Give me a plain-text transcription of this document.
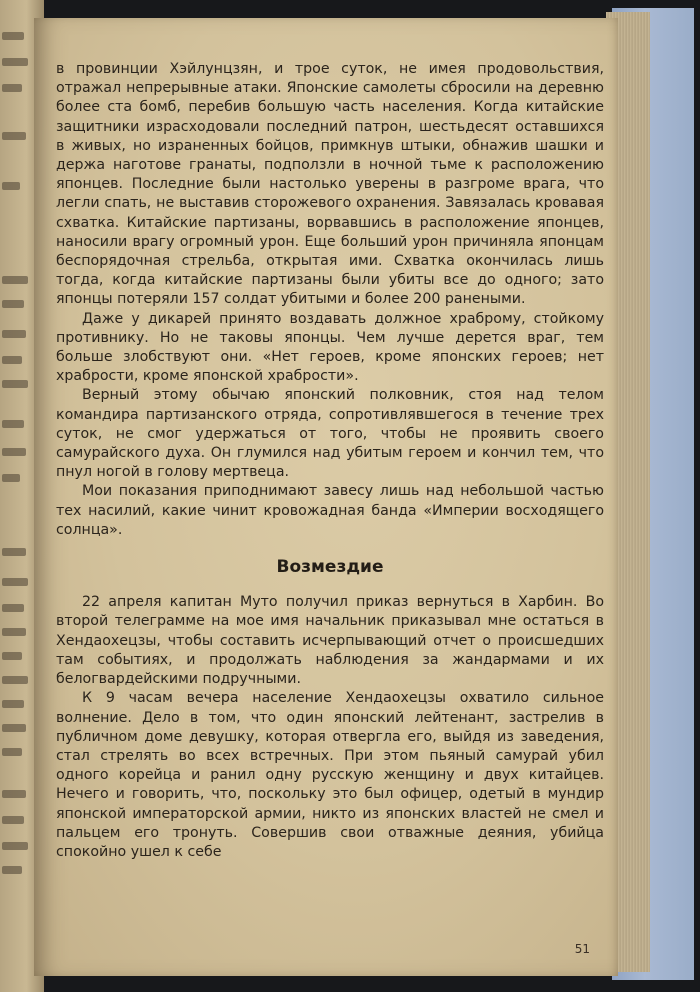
в провинции Хэйлунцзян, и трое суток, не имея продовольствия, отражал непрерывные атаки. Японские самолеты сбросили на деревню более ста бомб, перебив большую часть населения. Когда китайские защитники израсходовали последний патрон, шестьдесят оставшихся в живых, но израненных бойцов, примкнув штыки, обнажив шашки и держа наготове гранаты, подползли в ночной тьме к расположению японцев. Последние были настолько уверены в разгроме врага, что легли спать, не выставив сторожевого охранения. Завязалась кровавая схватка. Китайские партизаны, ворвавшись в расположение японцев, наносили врагу огромный урон. Еще больший урон причиняла японцам беспорядочная стрельба, открытая ими. Схватка окончилась лишь тогда, когда китайские партизаны были убиты все до одного; зато японцы потеряли 157 солдат убитыми и более 200 ранеными.

Даже у дикарей принято воздавать должное храброму, стойкому противнику. Но не таковы японцы. Чем лучше дерется враг, тем больше злобствуют они. «Нет героев, кроме японских героев; нет храбрости, кроме японской храбрости».

Верный этому обычаю японский полковник, стоя над телом командира партизанского отряда, сопротивлявшегося в течение трех суток, не смог удержаться от того, чтобы не проявить своего самурайского духа. Он глумился над убитым героем и кончил тем, что пнул ногой в голову мертвеца.

Мои показания приподнимают завесу лишь над небольшой частью тех насилий, какие чинит кровожадная банда «Империи восходящего солнца».

Возмездие

22 апреля капитан Муто получил приказ вернуться в Харбин. Во второй телеграмме на мое имя начальник приказывал мне остаться в Хендаохецзы, чтобы составить исчерпывающий отчет о происшедших там событиях, и продолжать наблюдения за жандармами и их белогвардейскими подручными.

К 9 часам вечера население Хендаохецзы охватило сильное волнение. Дело в том, что один японский лейтенант, застрелив в публичном доме девушку, которая отвергла его, выйдя из заведения, стал стрелять во всех встречных. При этом пьяный самурай убил одного корейца и ранил одну русскую женщину и двух китайцев. Нечего и говорить, что, поскольку это был офицер, одетый в мундир японской императорской армии, никто из японских властей не смел и пальцем его тронуть. Совершив свои отважные деяния, убийца спокойно ушел к себе

51
